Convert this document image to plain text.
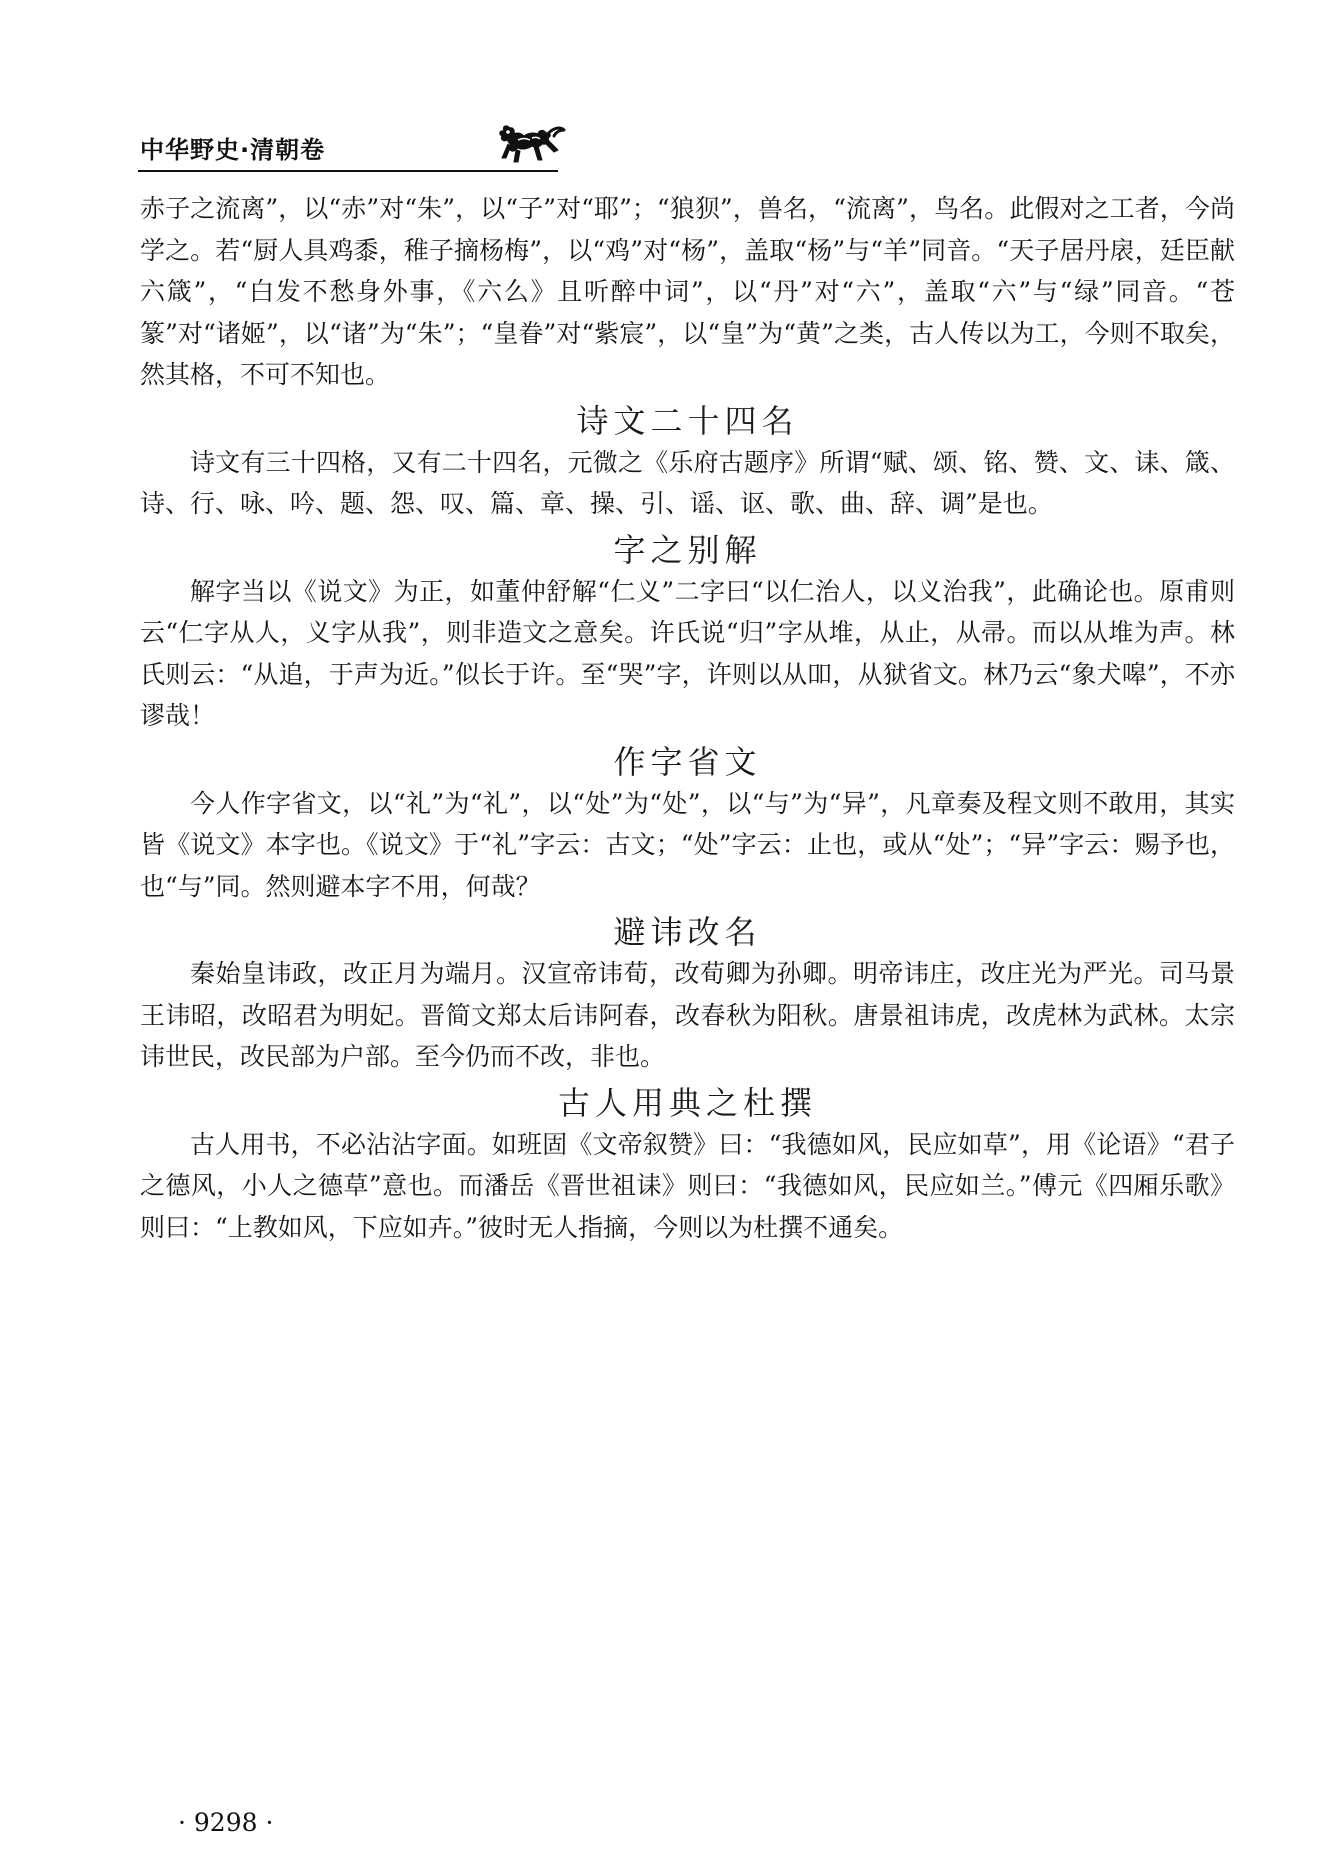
中华野史·清朝卷

赤子之流离”，以“赤”对“朱”，以“子”对“耶”；“狼狈”，兽名，“流离”，鸟名。此假对之工者，今尚学之。若“厨人具鸡黍，稚子摘杨梅”，以“鸡”对“杨”，盖取“杨”与“羊”同音。“天子居丹扆，廷臣献六箴”，“白发不愁身外事，《六么》且听醉中词”，以“丹”对“六”，盖取“六”与“绿”同音。“苍篆”对“诸姬”，以“诸”为“朱”；“皇眷”对“紫宸”，以“皇”为“黄”之类，古人传以为工，今则不取矣，然其格，不可不知也。

诗文二十四名

诗文有三十四格，又有二十四名，元微之《乐府古题序》所谓“赋、颂、铭、赞、文、诔、箴、诗、行、咏、吟、题、怨、叹、篇、章、操、引、谣、讴、歌、曲、辞、调”是也。

字之别解

解字当以《说文》为正，如董仲舒解“仁义”二字曰“以仁治人，以义治我”，此确论也。原甫则云“仁字从人，义字从我”，则非造文之意矣。许氏说“归”字从堆，从止，从帚。而以从堆为声。林氏则云：“从追，于声为近。”似长于许。至“哭”字，许则以从吅，从狱省文。林乃云“象犬嗥”，不亦谬哉！

作字省文

今人作字省文，以“礼”为“礼”，以“处”为“处”，以“与”为“异”，凡章奏及程文则不敢用，其实皆《说文》本字也。《说文》于“礼”字云：古文；“处”字云：止也，或从“处”；“异”字云：赐予也，也“与”同。然则避本字不用，何哉？

避讳改名

秦始皇讳政，改正月为端月。汉宣帝讳荀，改荀卿为孙卿。明帝讳庄，改庄光为严光。司马景王讳昭，改昭君为明妃。晋简文郑太后讳阿春，改春秋为阳秋。唐景祖讳虎，改虎林为武林。太宗讳世民，改民部为户部。至今仍而不改，非也。

古人用典之杜撰

古人用书，不必沾沾字面。如班固《文帝叙赞》曰：“我德如风，民应如草”，用《论语》“君子之德风，小人之德草”意也。而潘岳《晋世祖诔》则曰：“我德如风，民应如兰。”傅元《四厢乐歌》则曰：“上教如风，下应如卉。”彼时无人指摘，今则以为杜撰不通矣。

· 9298 ·
